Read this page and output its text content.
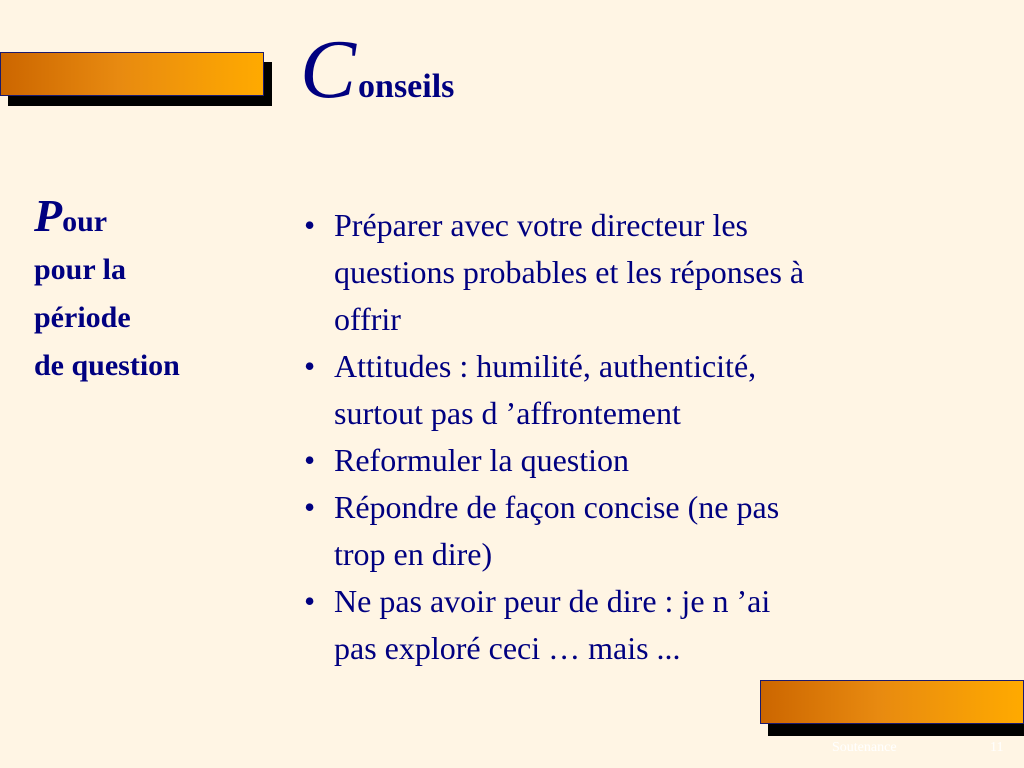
Conseils
Pour
pour la
période
de question
• Préparer avec votre directeur les
questions probables et les réponses à
offrir
• Attitudes : humilité, authenticité,
surtout pas d ’affrontement
• Reformuler la question
• Répondre de façon concise (ne pas
trop en dire)
• Ne pas avoir peur de dire : je n ’ai
pas exploré ceci … mais ...
Soutenance	11
